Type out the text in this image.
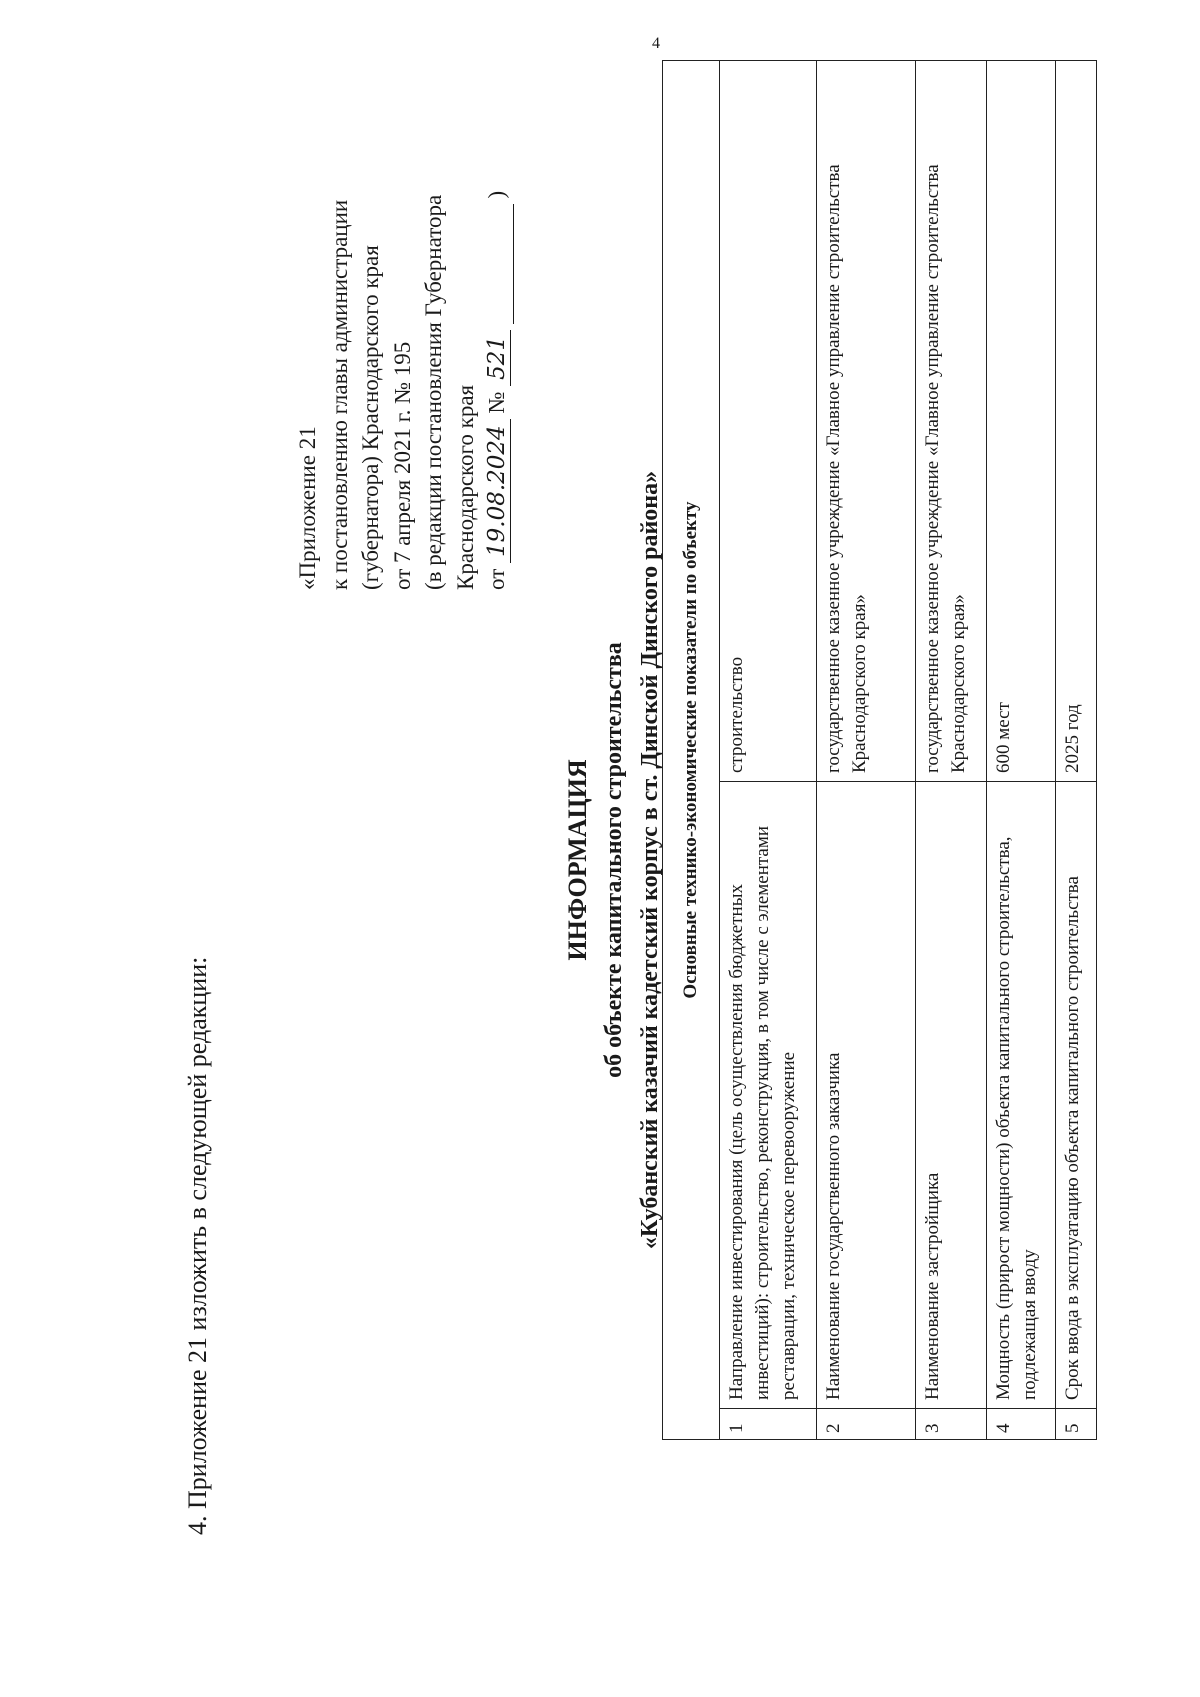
4
4. Приложение 21 изложить в следующей редакции:
«Приложение 21 к постановлению главы администрации (губернатора) Краснодарского края от 7 апреля 2021 г. № 195 (в редакции постановления Губернатора Краснодарского края от 19.08.2024 № 521  )
ИНФОРМАЦИЯ об объекте капитального строительства «Кубанский казачий кадетский корпус в ст. Динской Динского района» Основные технико-экономические показатели по объекту		
1	Направление инвестирования (цель осуществления бюджетных инвестиций): строительство, реконструкция, в том числе с элементами реставрации, техническое перевооружение	строительство
2	Наименование государственного заказчика	государственное казенное учреждение «Главное управление строительства Краснодарского края»
3	Наименование застройщика	государственное казенное учреждение «Главное управление строительства Краснодарского края»
4	Мощность (прирост мощности) объекта капитального строительства, подлежащая вводу	600 мест
5	Срок ввода в эксплуатацию объекта капитального строительства	2025 год
